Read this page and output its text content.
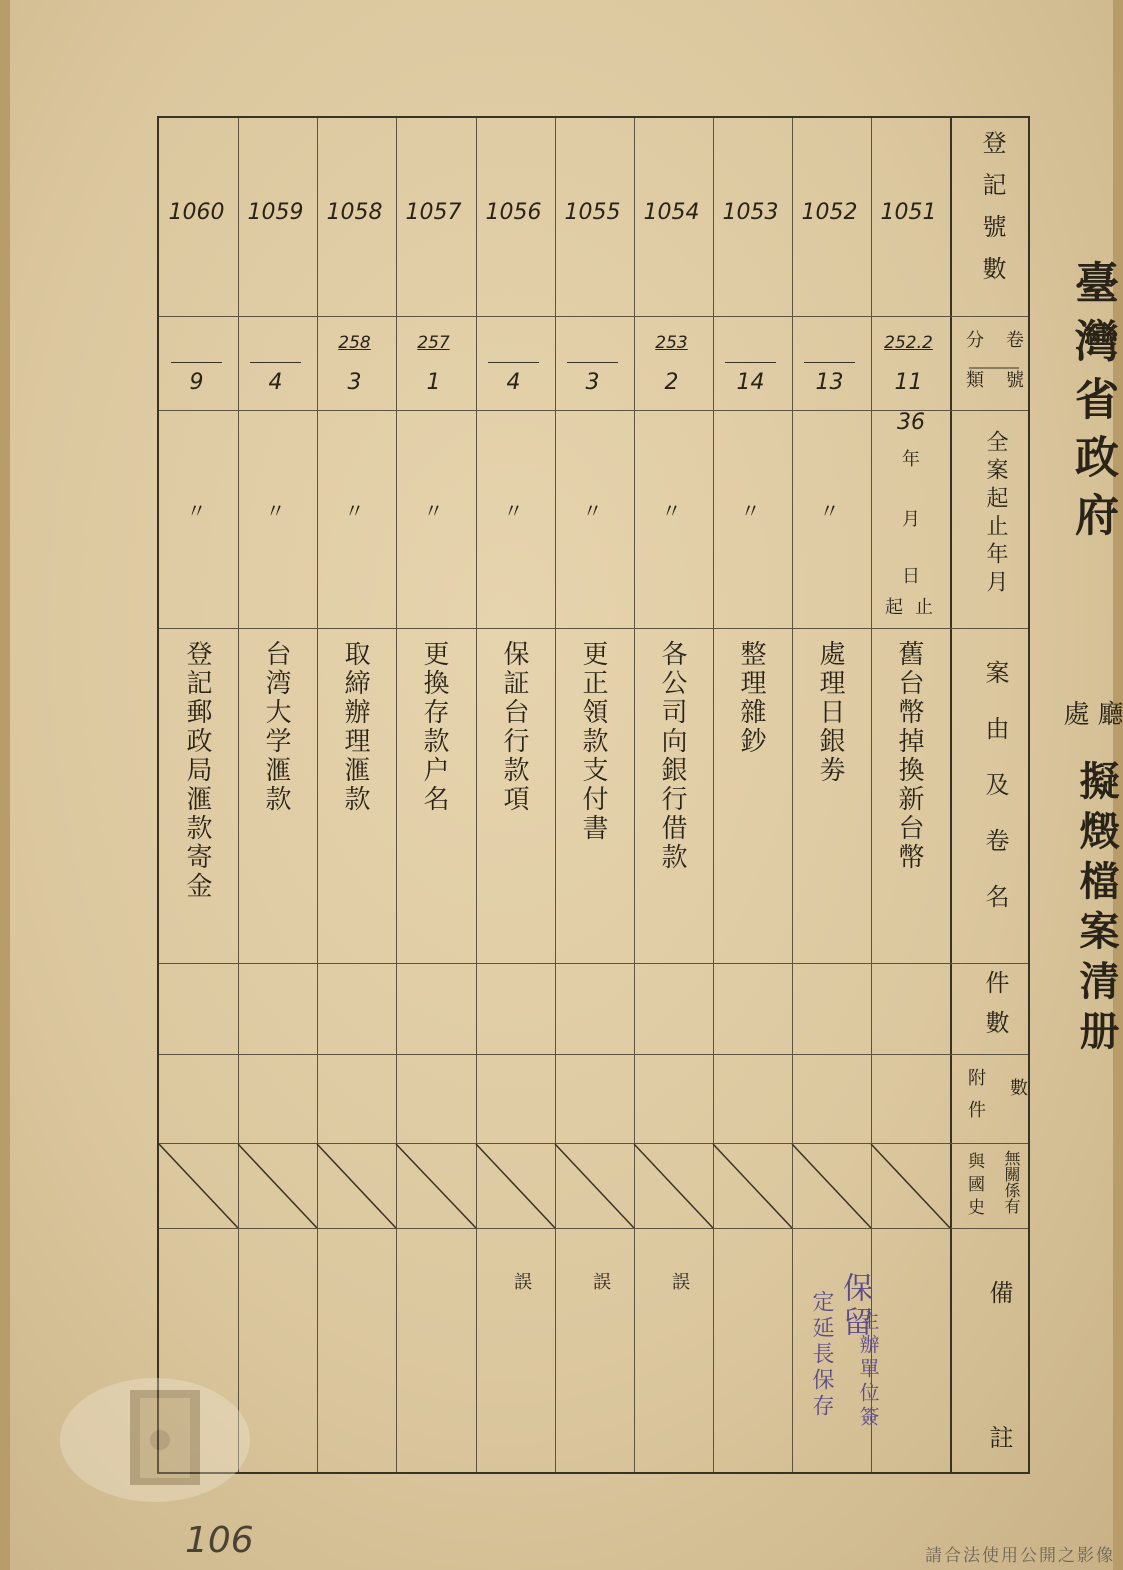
臺灣省政府
處 廳
擬燬檔案清册
登記號數
分類 卷號
全案起止年月
案由及卷名
件數
附件 數
與國史	無關係有
備
註
36
年
月
日
起 止
1051
252.2
11
舊台幣掉換新台幣
1052
13
〃
處理日銀劵
1053
14
〃
整理雜鈔
1054
253
2
〃
各公司向銀行借款
誤
1055
3
〃
更正領款支付書
誤
1056
4
〃
保証台行款項
誤
1057
257
1
〃
更換存款户名
1058
258
3
〃
取締辦理滙款
1059
4
〃
台湾大学滙款
1060
9
〃
登記郵政局滙款寄金
保留
主辦單位簽
定延長保存
106	請合法使用公開之影像
